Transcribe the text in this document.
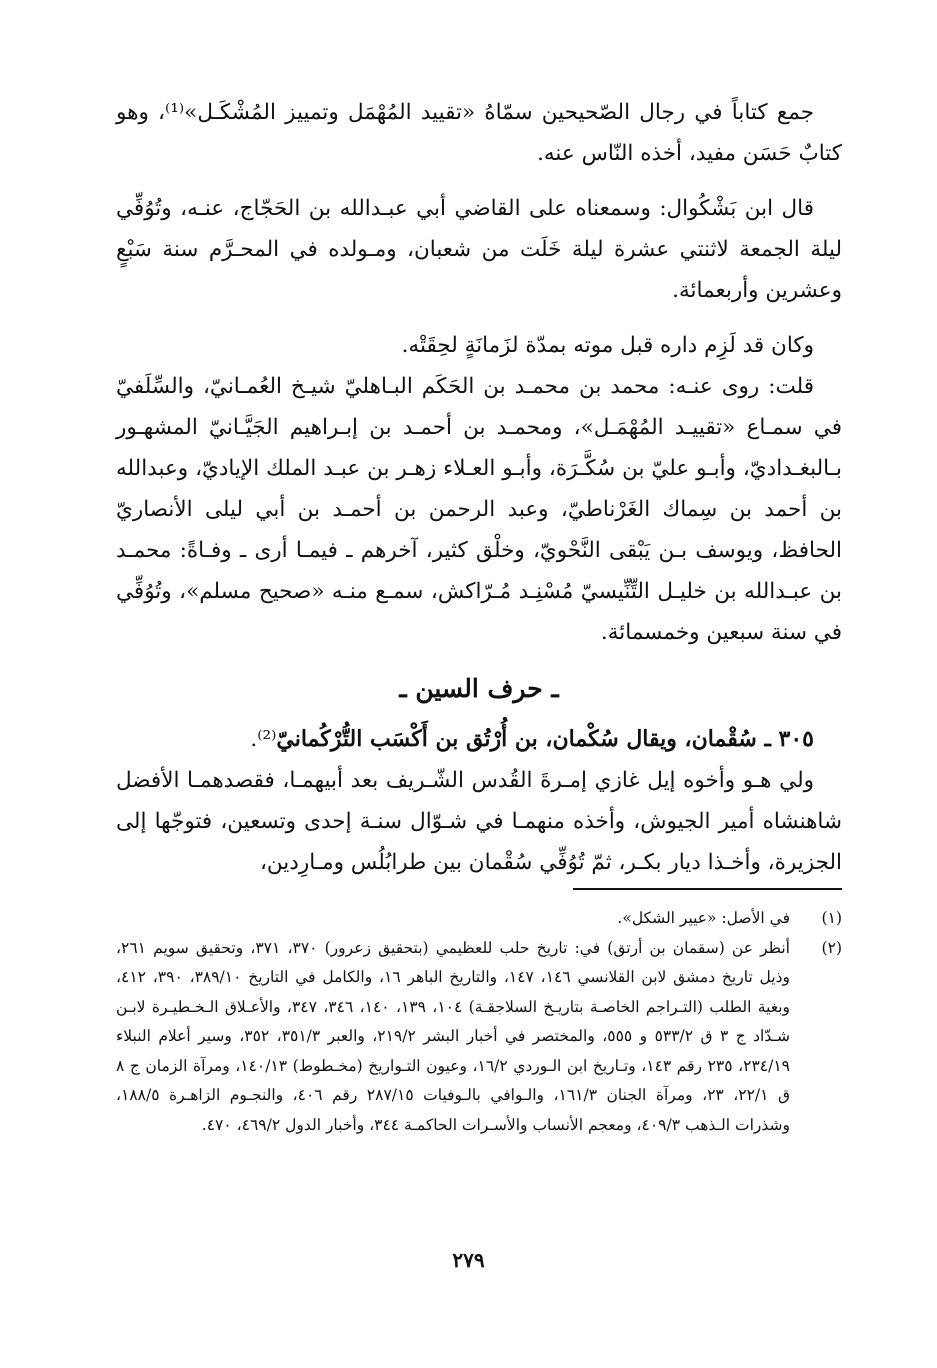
جمع كتاباً في رجال الصّحيحين سمّاهُ «تقييد المُهْمَل وتمييز المُشْكَـل»⁽¹⁾، وهو كتابٌ حَسَن مفيد، أخذه النّاس عنه.

قال ابن بَشْكُوال: وسمعناه على القاضي أبي عبـدالله بن الحَجّاج، عنـه، وتُوُفِّي ليلة الجمعة لاثنتي عشرة ليلة خَلَت من شعبان، ومـولده في المحـرَّم سنة سَبْعٍ وعشرين وأربعمائة.

وكان قد لَزِم داره قبل موته بمدّة لزَمانَةٍ لحِقَتْه.

قلت: روى عنـه: محمد بن محمـد بن الحَكَم البـاهليّ شيـخ العُمـانيّ، والسِّلَفيّ في سمـاع «تقييـد المُهْمَـل»، ومحمـد بن أحمـد بن إبـراهيم الجَيَّـانيّ المشهـور بـالبغـداديّ، وأبـو عليّ بن سُكَّـرَة، وأبـو العـلاء زهـر بن عبـد الملك الإياديّ، وعبدالله بن أحمد بن سِماك الغَرْناطيّ، وعبد الرحمن بن أحمـد بن أبي ليلى الأنصاريّ الحافظ، ويوسف بـن يَبْقى النَّحْويّ، وخلْق كثير، آخرهم ـ فيمـا أرى ـ وفـاةً: محمـد بن عبـدالله بن خليـل التِّنِّيسيّ مُسْنِـد مُـرّاكش، سمـع منـه «صحيح مسلم»، وتُوُفِّي في سنة سبعين وخمسمائة.

ـ حرف السين ـ

٣٠٥ ـ سُقْمان، ويقال سُكْمان، بن أُرْتُق بن أَكْسَب التُّرْكُمانيّ⁽²⁾.

ولي هـو وأخوه إيل غازي إمـرةَ القُدس الشّـريف بعد أبيهمـا، فقصدهمـا الأفضل شاهنشاه أمير الجيوش، وأخذه منهمـا في شـوّال سنـة إحدى وتسعين، فتوجّها إلى الجزيرة، وأخـذا ديار بكـر، ثمّ تُوُفِّي سُقْمان بين طرابُلُس ومـارِدين،

(١)
في الأصل: «عيير الشكل».
(٢)
أنظر عن (سقمان بن أرتق) في: تاريخ حلب للعظيمي (بتحقيق زعرور) ٣٧٠، ٣٧١، وتحقيق سويم ٢٦١، وذيل تاريخ دمشق لابن القلانسي ١٤٦، ١٤٧، والتاريخ الباهر ١٦، والكامل في التاريخ ٣٨٩/١٠، ٣٩٠، ٤١٢، وبغية الطلب (التـراجم الخاصـة بتاريـخ السلاجقـة) ١٠٤، ١٣٩، ١٤٠، ٣٤٦، ٣٤٧، والأعـلاق الـخـطيـرة لابـن شـدّاد ج ٣ ق ٥٣٣/٢ و ٥٥٥، والمختصر في أخبار البشر ٢١٩/٢، والعبر ٣٥١/٣، ٣٥٢، وسير أعلام النبلاء ٢٣٤/١٩، ٢٣٥ رقم ١٤٣، وتـاريخ ابن الـوردي ١٦/٢، وعيون التـواريخ (مخـطوط) ١٤٠/١٣، ومرآة الزمان ج ٨ ق ٢٢/١، ٢٣، ومرآة الجنان ١٦١/٣، والـوافي بالـوفيات ٢٨٧/١٥ رقم ٤٠٦، والنجـوم الزاهـرة ١٨٨/٥، وشذرات الـذهب ٤٠٩/٣، ومعجم الأنساب والأسـرات الحاكمـة ٣٤٤، وأخبار الدول ٤٦٩/٢، ٤٧٠.
٢٧٩
